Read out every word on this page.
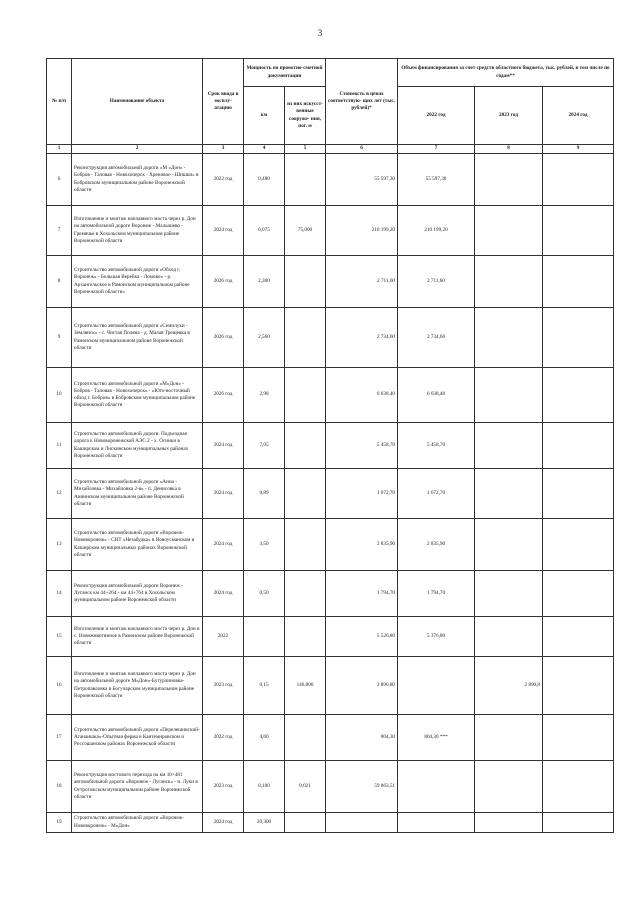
3
№ п/п	Наименование объекта	Срок ввода в эксплу- атацию	Мощность по проектно-сметной документации		Стоимость в ценах соответствую- щих лет (тыс. рублей)*	Объем финансирования за счет средств областного бюджета, тыс. рублей, в том числе по годам**		
			км	из них искусст- венные сооруже- ния, пог. м		2022 год	2023 год	2024 год
1	2	3	4	5	6	7	8	9
6	Реконструкция автомобильной дороги «М «Дон» - Бобров - Таловая - Новохоперск - Хреновое - Шишки» в Бобровском муниципальном районе Воронежской области	2022 год	0,480		55 597,30	55 597,30		
7	Изготовление и монтаж наплавного моста через р. Дон на автомобильной дороге Воронеж - Малышево - Гремячье в Хохольском муниципальном районе Воронежской области	2024 год	0,075	75,000	210 199,20	210 199,20		
8	Строительство автомобильной дороги «Обход г. Воронеж» - Большая Верейка - Ломово» - р. Архангельское в Рамонском муниципальном районе Воронежской области»	2026 год	2,300		2 711,60	2 711,60		
9	Строительство автомобильной дороги «Семилуки - Землянск» - с. Чистая Поляна - д. Малая Трещевка в Рамонском муниципальном районе Воронежской области	2026 год	2,560		2 734,60	2 734,60		
10	Строительство автомобильной дороги «М«Дон» - Бобров - Таловая - Новохоперск» - «Юго-восточный обход г. Бобров» в Бобровском муниципальном районе Воронежской области	2026 год	2,98		6 638,40	6 638,40		
11	Строительство автомобильной дороги. Подъездная дорога к Нововоронежской АЭС 2 - х. Осинки в Каширском и Лискинском муниципальных районах Воронежской области	2024 год	7,05		5 458,70	5 458,70		
12	Строительство автомобильной дороги «Анна - Михайловка - Михайловка 2-я» - п. Денисовка в Аннинском муниципальном районе Воронежской области	2024 год	0,89		1 672,70	1 672,70		
13	Строительство автомобильной дороги «Воронеж-Нововоронеж» - СНТ «Незабудка» в Новоусманском и Каширском муниципальных районах Воронежской области	2024 год	3,50		2 835,90	2 835,90		
14	Реконструкция автомобильной дороги Воронеж - Луганск км 44+264 - км 44+764 в Хохольском муниципальном районе Воронежской области	2024 год	0,50		1 794,70	1 794,70		
15	Изготовление и монтаж наплавного моста через р. Дон в с. Новоживотинное в Рамонском районе Воронежской области	2022			5 526,80	5 376,80		
16	Изготовление и монтаж наплавного моста через р. Дон на автомобильной дороге М«Дон»-Бутурлиновка-Петропавловка в Богучарском муниципальном районе Воронежской области	2023 год	0,15	146,000	2 890,80		2 890,8	
17	Строительство автомобильной дороги «Перелешинский-Аганаишка»-Опытная ферма в Кантемировском и Россошанском районах Воронежской области	2022 год	4,60		804,30	804,30 ***		
18	Реконструкция мостового перехода на км 10+481 автомобильной дороги «Воронеж - Луганск» - п. Луки в Острогожском муниципальном районе Воронежской области	2023 год	0,100	0,021	59 863,51			
19	Строительство автомобильной дороги «Воронеж-Нововоронеж» - М«Дон»	2024 год	20,300					
